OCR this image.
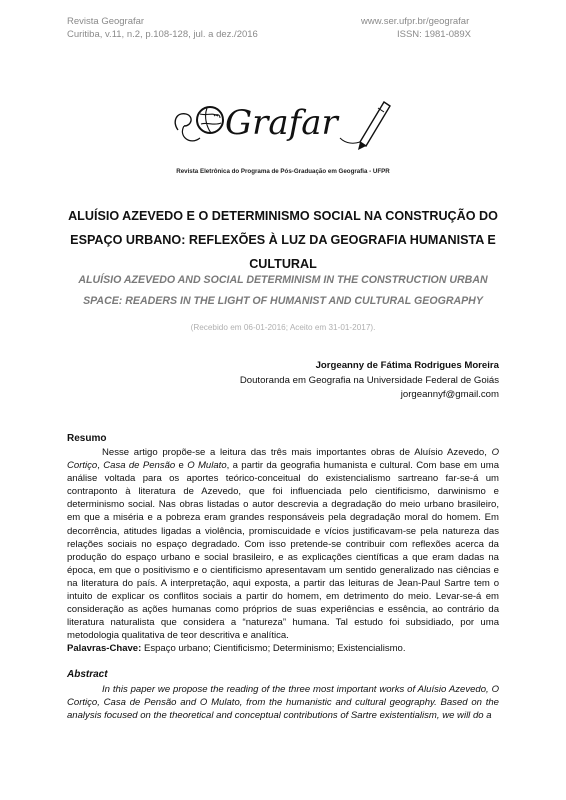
Revista Geografar
Curitiba, v.11, n.2, p.108-128, jul. a dez./2016
www.ser.ufpr.br/geografar
ISSN: 1981-089X
Grafar
Revista Eletrônica do Programa de Pós-Graduação em Geografia - UFPR
ALUÍSIO AZEVEDO E O DETERMINISMO SOCIAL NA CONSTRUÇÃO DO ESPAÇO URBANO: REFLEXÕES À LUZ DA GEOGRAFIA HUMANISTA E CULTURAL
ALUÍSIO AZEVEDO AND SOCIAL DETERMINISM IN THE CONSTRUCTION URBAN SPACE: READERS IN THE LIGHT OF HUMANIST AND CULTURAL GEOGRAPHY
(Recebido em 06-01-2016; Aceito em 31-01-2017).
Jorgeanny de Fátima Rodrigues Moreira
Doutoranda em Geografia na Universidade Federal de Goiás
jorgeannyf@gmail.com
Resumo
Nesse artigo propõe-se a leitura das três mais importantes obras de Aluísio Azevedo, O Cortiço, Casa de Pensão e O Mulato, a partir da geografia humanista e cultural. Com base em uma análise voltada para os aportes teórico-conceitual do existencialismo sartreano far-se-á um contraponto à literatura de Azevedo, que foi influenciada pelo cientificismo, darwinismo e determinismo social. Nas obras listadas o autor descrevia a degradação do meio urbano brasileiro, em que a miséria e a pobreza eram grandes responsáveis pela degradação moral do homem. Em decorrência, atitudes ligadas a violência, promiscuidade e vícios justificavam-se pela natureza das relações sociais no espaço degradado. Com isso pretende-se contribuir com reflexões acerca da produção do espaço urbano e social brasileiro, e as explicações científicas a que eram dadas na época, em que o positivismo e o cientificismo apresentavam um sentido generalizado nas ciências e na literatura do país. A interpretação, aqui exposta, a partir das leituras de Jean-Paul Sartre tem o intuito de explicar os conflitos sociais a partir do homem, em detrimento do meio. Levar-se-á em consideração as ações humanas como próprios de suas experiências e essência, ao contrário da literatura naturalista que considera a “natureza” humana. Tal estudo foi subsidiado, por uma metodologia qualitativa de teor descritiva e analítica.
Palavras-Chave: Espaço urbano; Cientificismo; Determinismo; Existencialismo.
Abstract
In this paper we propose the reading of the three most important works of Aluísio Azevedo, O Cortiço, Casa de Pensão and O Mulato, from the humanistic and cultural geography. Based on the analysis focused on the theoretical and conceptual contributions of Sartre existentialism, we will do a
